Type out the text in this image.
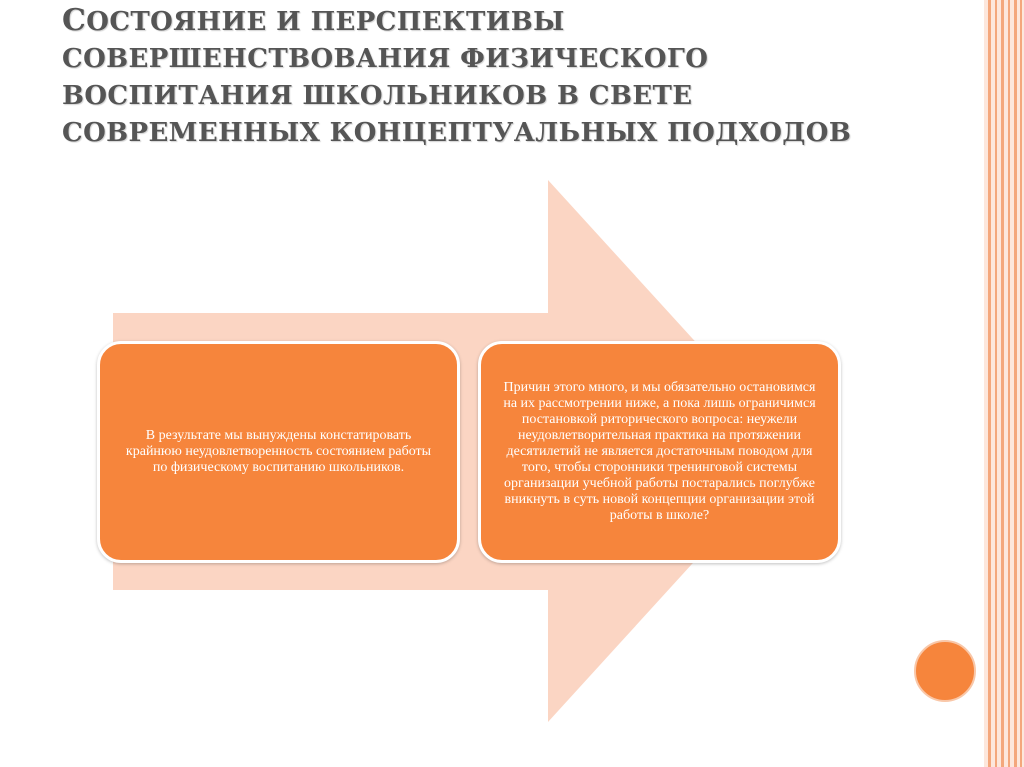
СОСТОЯНИЕ И ПЕРСПЕКТИВЫ
СОВЕРШЕНСТВОВАНИЯ ФИЗИЧЕСКОГО
ВОСПИТАНИЯ ШКОЛЬНИКОВ В СВЕТЕ
СОВРЕМЕННЫХ КОНЦЕПТУАЛЬНЫХ ПОДХОДОВ
В результате мы вынуждены констатировать крайнюю неудовлетворенность состоянием работы по физическому воспитанию школьников.
Причин этого много, и мы обязательно остановимся на их рассмотрении ниже, а пока лишь ограничимся постановкой риторического вопроса: неужели неудовлетворительная практика на протяжении десятилетий не является достаточным поводом для того, чтобы сторонники тренинговой системы организации учебной работы постарались поглубже вникнуть в суть новой концепции организации этой работы в школе?
